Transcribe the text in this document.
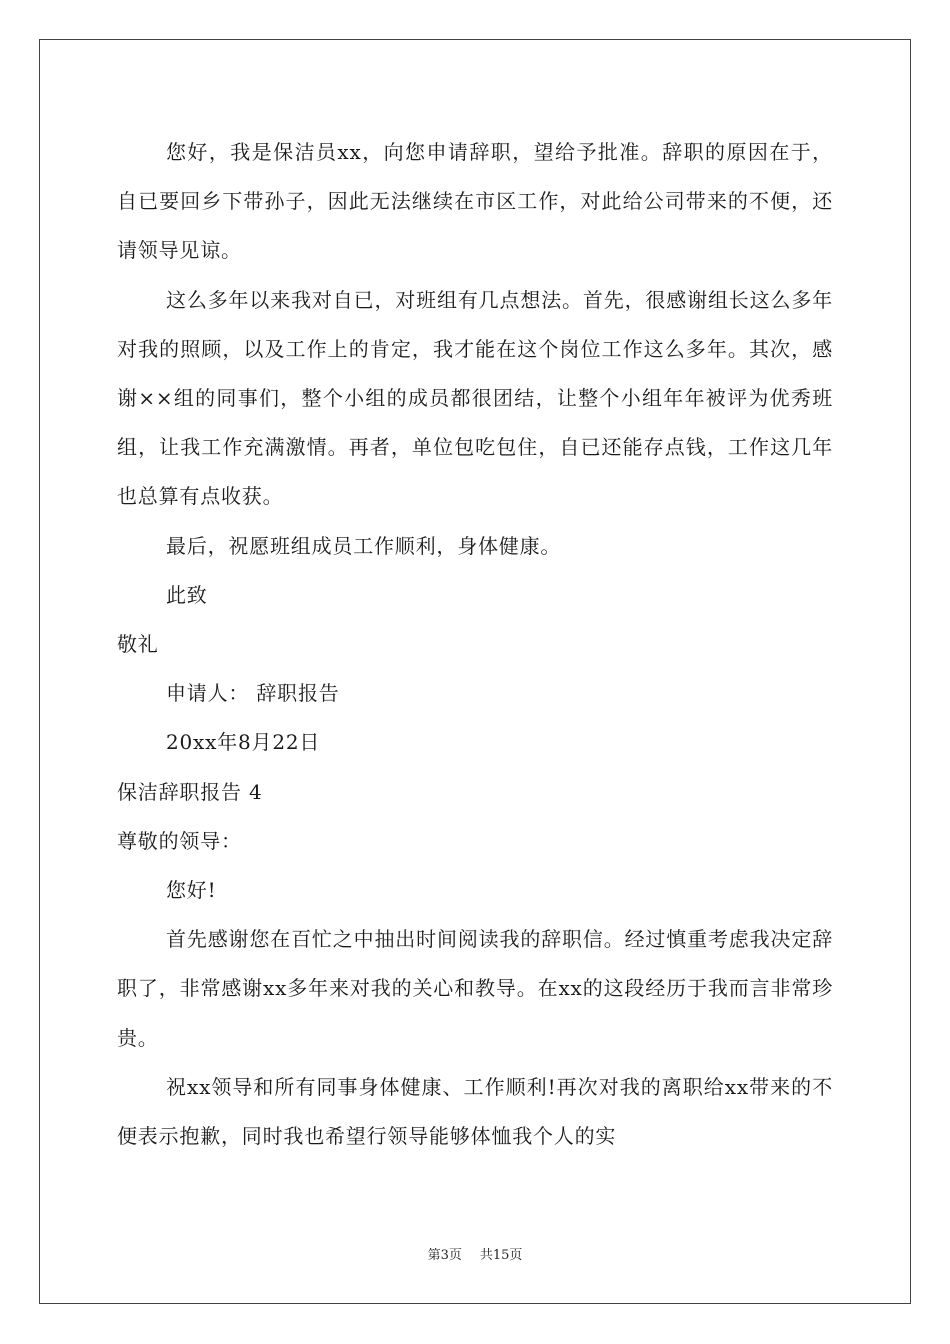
您好，我是保洁员xx，向您申请辞职，望给予批准。辞职的原因在于，自已要回乡下带孙子，因此无法继续在市区工作，对此给公司带来的不便，还请领导见谅。

这么多年以来我对自已，对班组有几点想法。首先，很感谢组长这么多年对我的照顾，以及工作上的肯定，我才能在这个岗位工作这么多年。其次，感谢××组的同事们，整个小组的成员都很团结，让整个小组年年被评为优秀班组，让我工作充满激情。再者，单位包吃包住，自已还能存点钱，工作这几年也总算有点收获。

最后，祝愿班组成员工作顺利，身体健康。

此致

敬礼

申请人： 辞职报告

20xx年8月22日

保洁辞职报告 4

尊敬的领导：

您好!

首先感谢您在百忙之中抽出时间阅读我的辞职信。经过慎重考虑我决定辞职了，非常感谢xx多年来对我的关心和教导。在xx的这段经历于我而言非常珍贵。

祝xx领导和所有同事身体健康、工作顺利!再次对我的离职给xx带来的不便表示抱歉，同时我也希望行领导能够体恤我个人的实

第3页 共15页
